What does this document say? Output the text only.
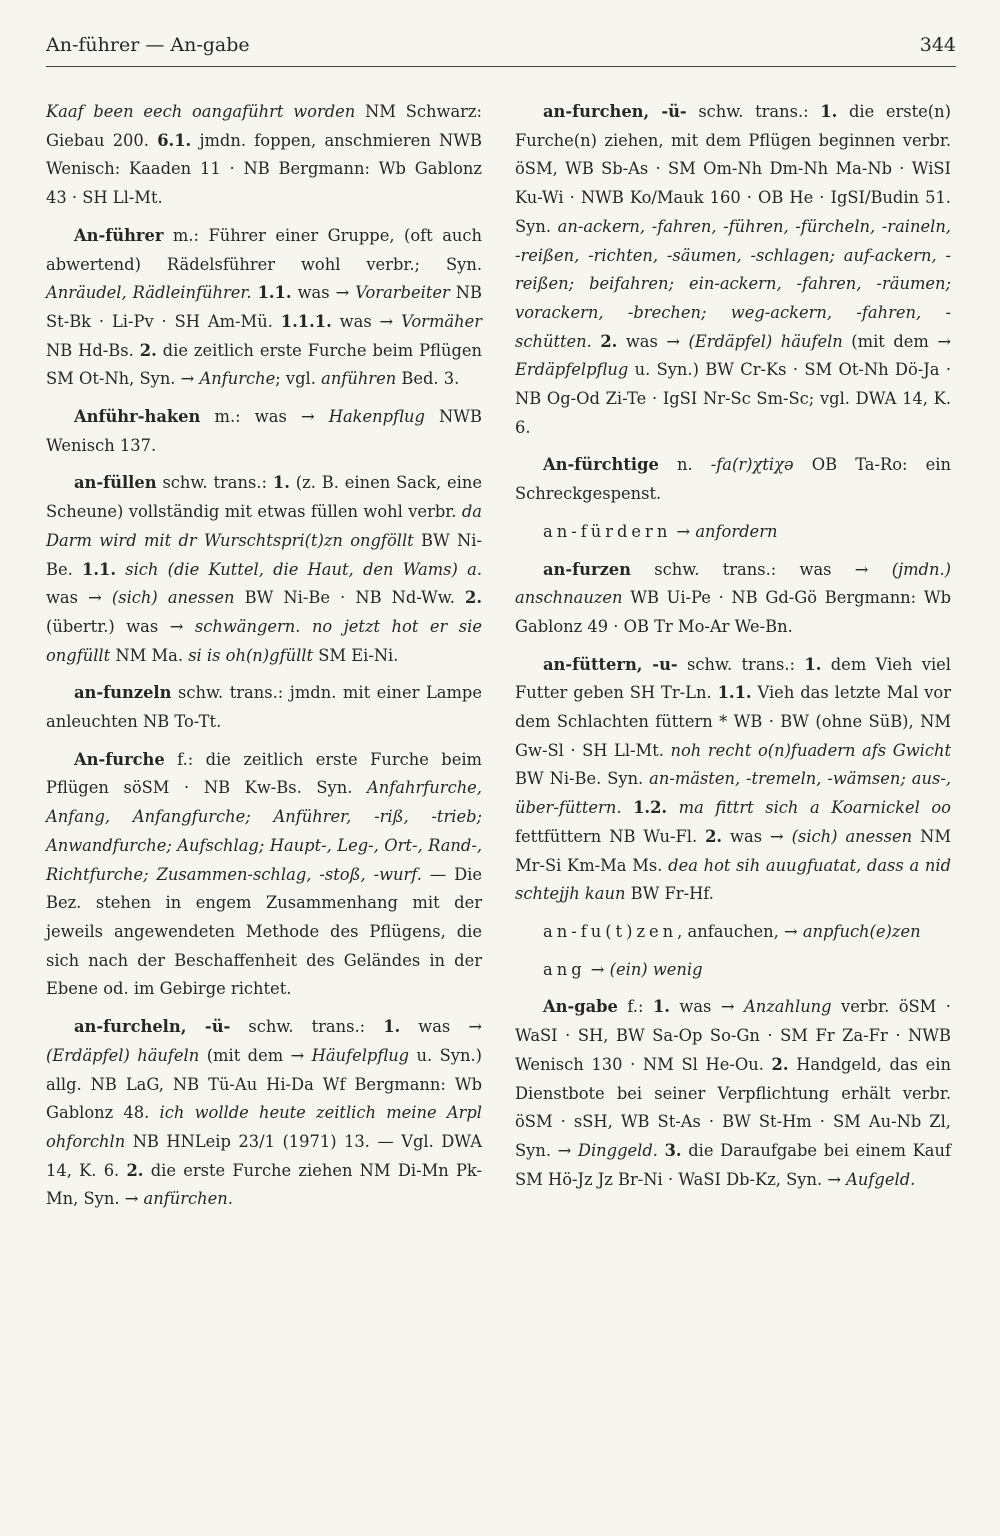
An-führer — An-gabe	344

Kaaf been eech oangaführt worden NM Schwarz: Giebau 200. 6.1. jmdn. foppen, anschmieren NWB Wenisch: Kaaden 11 · NB Bergmann: Wb Gablonz 43 · SH Ll-Mt.

An-führer m.: Führer einer Gruppe, (oft auch abwertend) Rädelsführer wohl verbr.; Syn. Anräudel, Rädleinführer. 1.1. was → Vorarbeiter NB St-Bk · Li-Pv · SH Am-Mü. 1.1.1. was → Vormäher NB Hd-Bs. 2. die zeitlich erste Furche beim Pflügen SM Ot-Nh, Syn. → Anfurche; vgl. anführen Bed. 3.

Anführ-haken m.: was → Hakenpflug NWB Wenisch 137.

an-füllen schw. trans.: 1. (z. B. einen Sack, eine Scheune) vollständig mit etwas füllen wohl verbr. da Darm wird mit dr Wurschtspri(t)zn ongföllt BW Ni-Be. 1.1. sich (die Kuttel, die Haut, den Wams) a. was → (sich) anessen BW Ni-Be · NB Nd-Ww. 2. (übertr.) was → schwängern. no jetzt hot er sie ongfüllt NM Ma. si is oh(n)gfüllt SM Ei-Ni.

an-funzeln schw. trans.: jmdn. mit einer Lampe anleuchten NB To-Tt.

An-furche f.: die zeitlich erste Furche beim Pflügen söSM · NB Kw-Bs. Syn. Anfahrfurche, Anfang, Anfangfurche; Anführer, -riß, -trieb; Anwandfurche; Aufschlag; Haupt-, Leg-, Ort-, Rand-, Richtfurche; Zusammen-schlag, -stoß, -wurf. — Die Bez. stehen in engem Zusammenhang mit der jeweils angewendeten Methode des Pflügens, die sich nach der Beschaffenheit des Geländes in der Ebene od. im Gebirge richtet.

an-furcheln, -ü- schw. trans.: 1. was → (Erdäpfel) häufeln (mit dem → Häufelpflug u. Syn.) allg. NB LaG, NB Tü-Au Hi-Da Wf Bergmann: Wb Gablonz 48. ich wollde heute zeitlich meine Arpl ohforchln NB HNLeip 23/1 (1971) 13. — Vgl. DWA 14, K. 6. 2. die erste Furche ziehen NM Di-Mn Pk-Mn, Syn. → anfürchen.

an-furchen, -ü- schw. trans.: 1. die erste(n) Furche(n) ziehen, mit dem Pflügen beginnen verbr. öSM, WB Sb-As · SM Om-Nh Dm-Nh Ma-Nb · WiSI Ku-Wi · NWB Ko/Mauk 160 · OB He · IgSI/Budin 51. Syn. an-ackern, -fahren, -führen, -fürcheln, -raineln, -reißen, -richten, -säumen, -schlagen; auf-ackern, -reißen; beifahren; ein-ackern, -fahren, -räumen; vorackern, -brechen; weg-ackern, -fahren, -schütten. 2. was → (Erdäpfel) häufeln (mit dem → Erdäpfelpflug u. Syn.) BW Cr-Ks · SM Ot-Nh Dö-Ja · NB Og-Od Zi-Te · IgSI Nr-Sc Sm-Sc; vgl. DWA 14, K. 6.

An-fürchtige n. -fa(r)χtiχə OB Ta-Ro: ein Schreckgespenst.

an-fürdern → anfordern

an-furzen schw. trans.: was → (jmdn.) anschnauzen WB Ui-Pe · NB Gd-Gö Bergmann: Wb Gablonz 49 · OB Tr Mo-Ar We-Bn.

an-füttern, -u- schw. trans.: 1. dem Vieh viel Futter geben SH Tr-Ln. 1.1. Vieh das letzte Mal vor dem Schlachten füttern * WB · BW (ohne SüB), NM Gw-Sl · SH Ll-Mt. noh recht o(n)fuadern afs Gwicht BW Ni-Be. Syn. an-mästen, -tremeln, -wämsen; aus-, über-füttern. 1.2. ma fittrt sich a Koarnickel oo fettfüttern NB Wu-Fl. 2. was → (sich) anessen NM Mr-Si Km-Ma Ms. dea hot sih auugfuatat, dass a nid schtejjh kaun BW Fr-Hf.

an-fu(t)zen, anfauchen, → anpfuch(e)zen

ang → (ein) wenig

An-gabe f.: 1. was → Anzahlung verbr. öSM · WaSI · SH, BW Sa-Op So-Gn · SM Fr Za-Fr · NWB Wenisch 130 · NM Sl He-Ou. 2. Handgeld, das ein Dienstbote bei seiner Verpflichtung erhält verbr. öSM · sSH, WB St-As · BW St-Hm · SM Au-Nb Zl, Syn. → Dinggeld. 3. die Daraufgabe bei einem Kauf SM Hö-Jz Jz Br-Ni · WaSI Db-Kz, Syn. → Aufgeld.
